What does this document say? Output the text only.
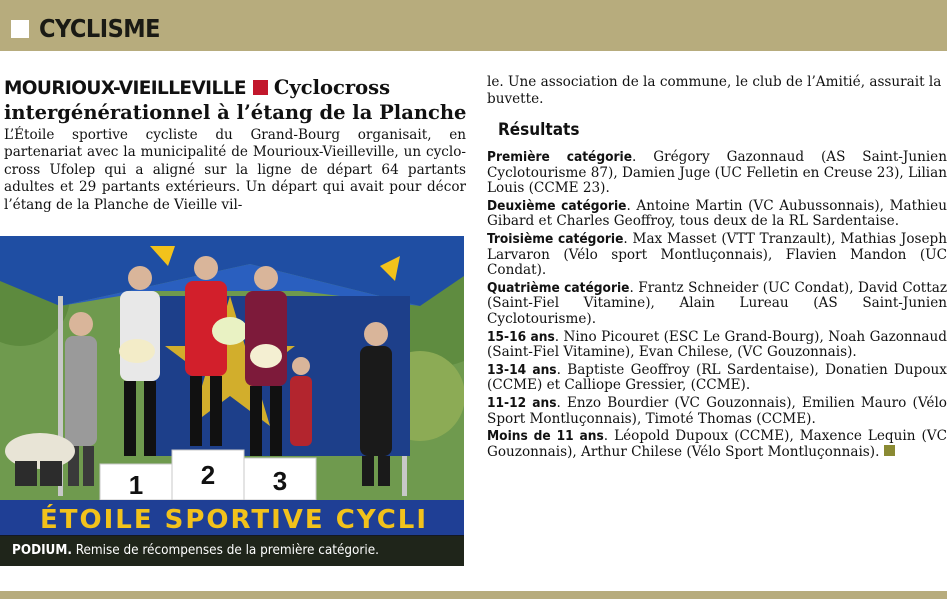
CYCLISME
MOURIOUX-VIEILLEVILLE Cyclocross intergénérationnel à l’étang de la Planche
L’Étoile sportive cycliste du Grand-Bourg organisait, en partenariat avec la municipalité de Mourioux-Vieilleville, un cyclo-cross Ufolep qui a aligné sur la ligne de départ 64 partants adultes et 29 partants extérieurs. Un départ qui avait pour décor l’étang de la Planche de Vieille vil-
1 2 3
ÉTOILE SPORTIVE CYCLI
PODIUM. Remise de récompenses de la première catégorie.
le. Une association de la commune, le club de l’Amitié, assurait la buvette.
Résultats

Première catégorie. Grégory Gazonnaud (AS Saint-Junien Cyclotourisme 87), Damien Juge (UC Felletin en Creuse 23), Lilian Louis (CCME 23).

Deuxième catégorie. Antoine Martin (VC Aubussonnais), Mathieu Gibard et Charles Geoffroy, tous deux de la RL Sardentaise.

Troisième catégorie. Max Masset (VTT Tranzault), Mathias Joseph Larvaron (Vélo sport Montluçonnais), Flavien Mandon (UC Condat).

Quatrième catégorie. Frantz Schneider (UC Condat), David Cottaz (Saint-Fiel Vitamine), Alain Lureau (AS Saint-Junien Cyclotourisme).

15-16 ans. Nino Picouret (ESC Le Grand-Bourg), Noah Gazonnaud (Saint-Fiel Vitamine), Evan Chilese, (VC Gouzonnais).

13-14 ans. Baptiste Geoffroy (RL Sardentaise), Donatien Dupoux (CCME) et Calliope Gressier, (CCME).

11-12 ans. Enzo Bourdier (VC Gouzonnais), Emilien Mauro (Vélo Sport Montluçonnais), Timoté Thomas (CCME).

Moins de 11 ans. Léopold Dupoux (CCME), Maxence Lequin (VC Gouzonnais), Arthur Chilese (Vélo Sport Montluçonnais).
